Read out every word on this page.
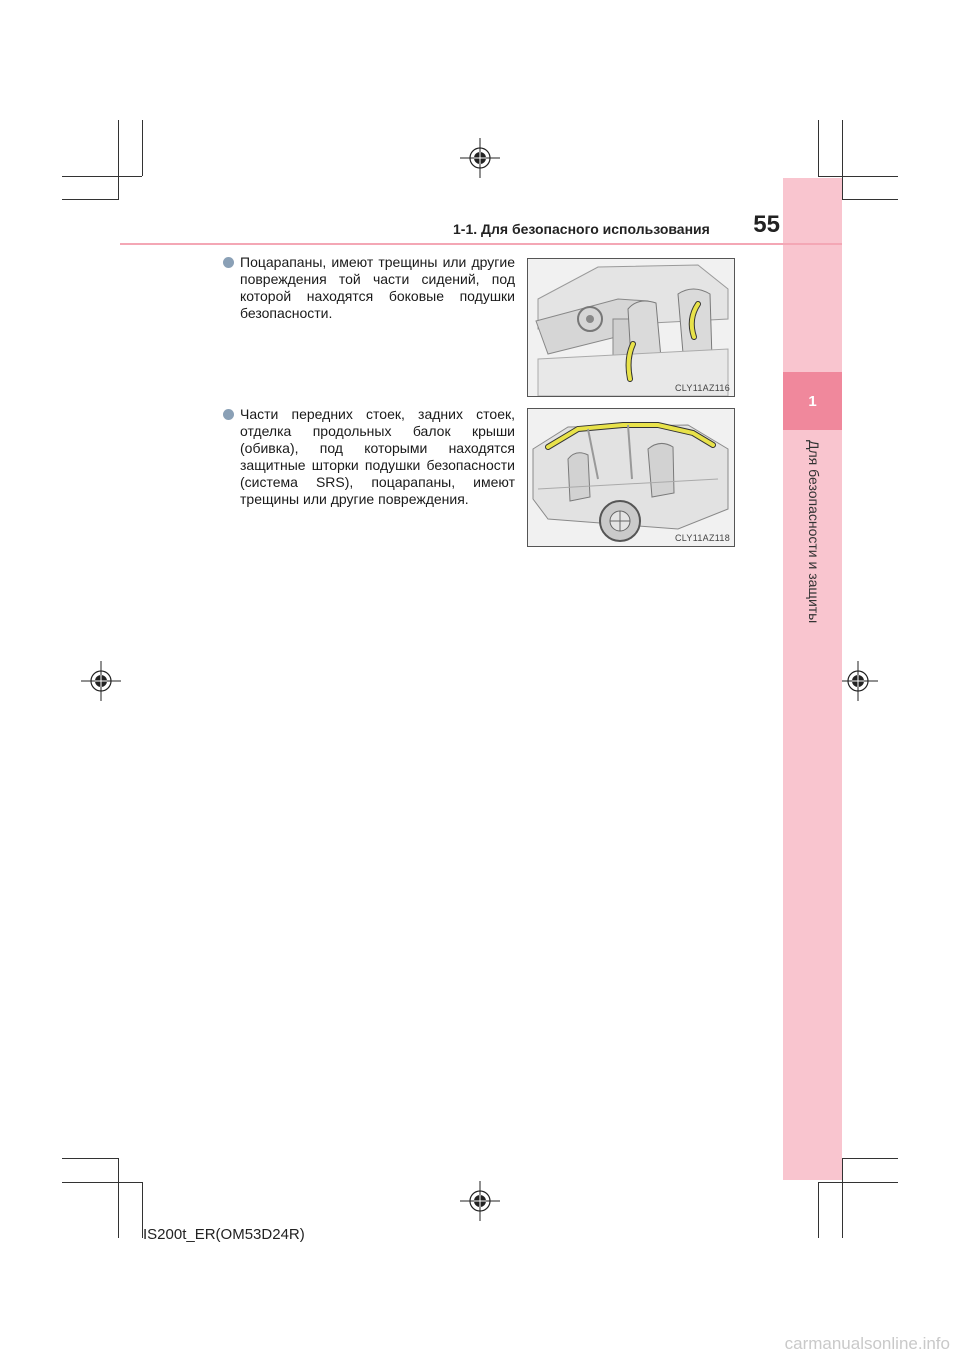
1
Для безопасности и защиты
1-1. Для безопасного использования	55
Поцарапаны, имеют трещины или другие повреждения той части сидений, под которой находятся боковые подушки безопасности.
CLY11AZ116
Части передних стоек, задних стоек, отделка продольных балок крыши (обивка), под которыми находятся защитные шторки подушки безопасности (система SRS), поцарапаны, имеют трещины или другие повреждения.
CLY11AZ118
IS200t_ER(OM53D24R)
carmanualsonline.info
